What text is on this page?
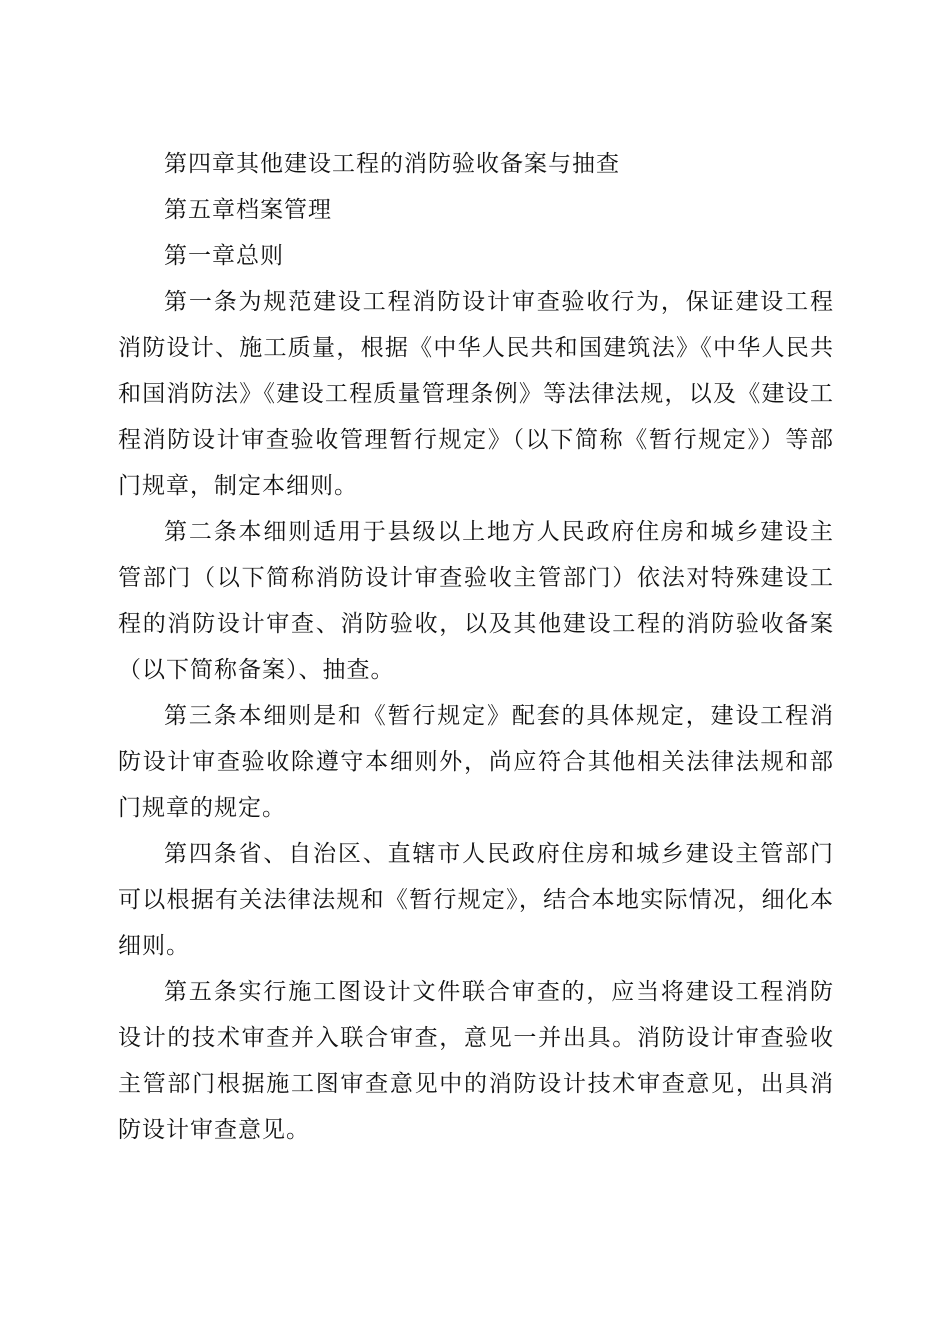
第四章其他建设工程的消防验收备案与抽查

第五章档案管理

第一章总则

第一条为规范建设工程消防设计审查验收行为，保证建设工程消防设计、施工质量，根据《中华人民共和国建筑法》《中华人民共和国消防法》《建设工程质量管理条例》等法律法规，以及《建设工程消防设计审查验收管理暂行规定》（以下简称《暂行规定》）等部门规章，制定本细则。

第二条本细则适用于县级以上地方人民政府住房和城乡建设主管部门（以下简称消防设计审查验收主管部门）依法对特殊建设工程的消防设计审查、消防验收，以及其他建设工程的消防验收备案（以下简称备案）、抽查。

第三条本细则是和《暂行规定》配套的具体规定，建设工程消防设计审查验收除遵守本细则外，尚应符合其他相关法律法规和部门规章的规定。

第四条省、自治区、直辖市人民政府住房和城乡建设主管部门可以根据有关法律法规和《暂行规定》，结合本地实际情况，细化本细则。

第五条实行施工图设计文件联合审查的，应当将建设工程消防设计的技术审查并入联合审查，意见一并出具。消防设计审查验收主管部门根据施工图审查意见中的消防设计技术审查意见，出具消防设计审查意见。
